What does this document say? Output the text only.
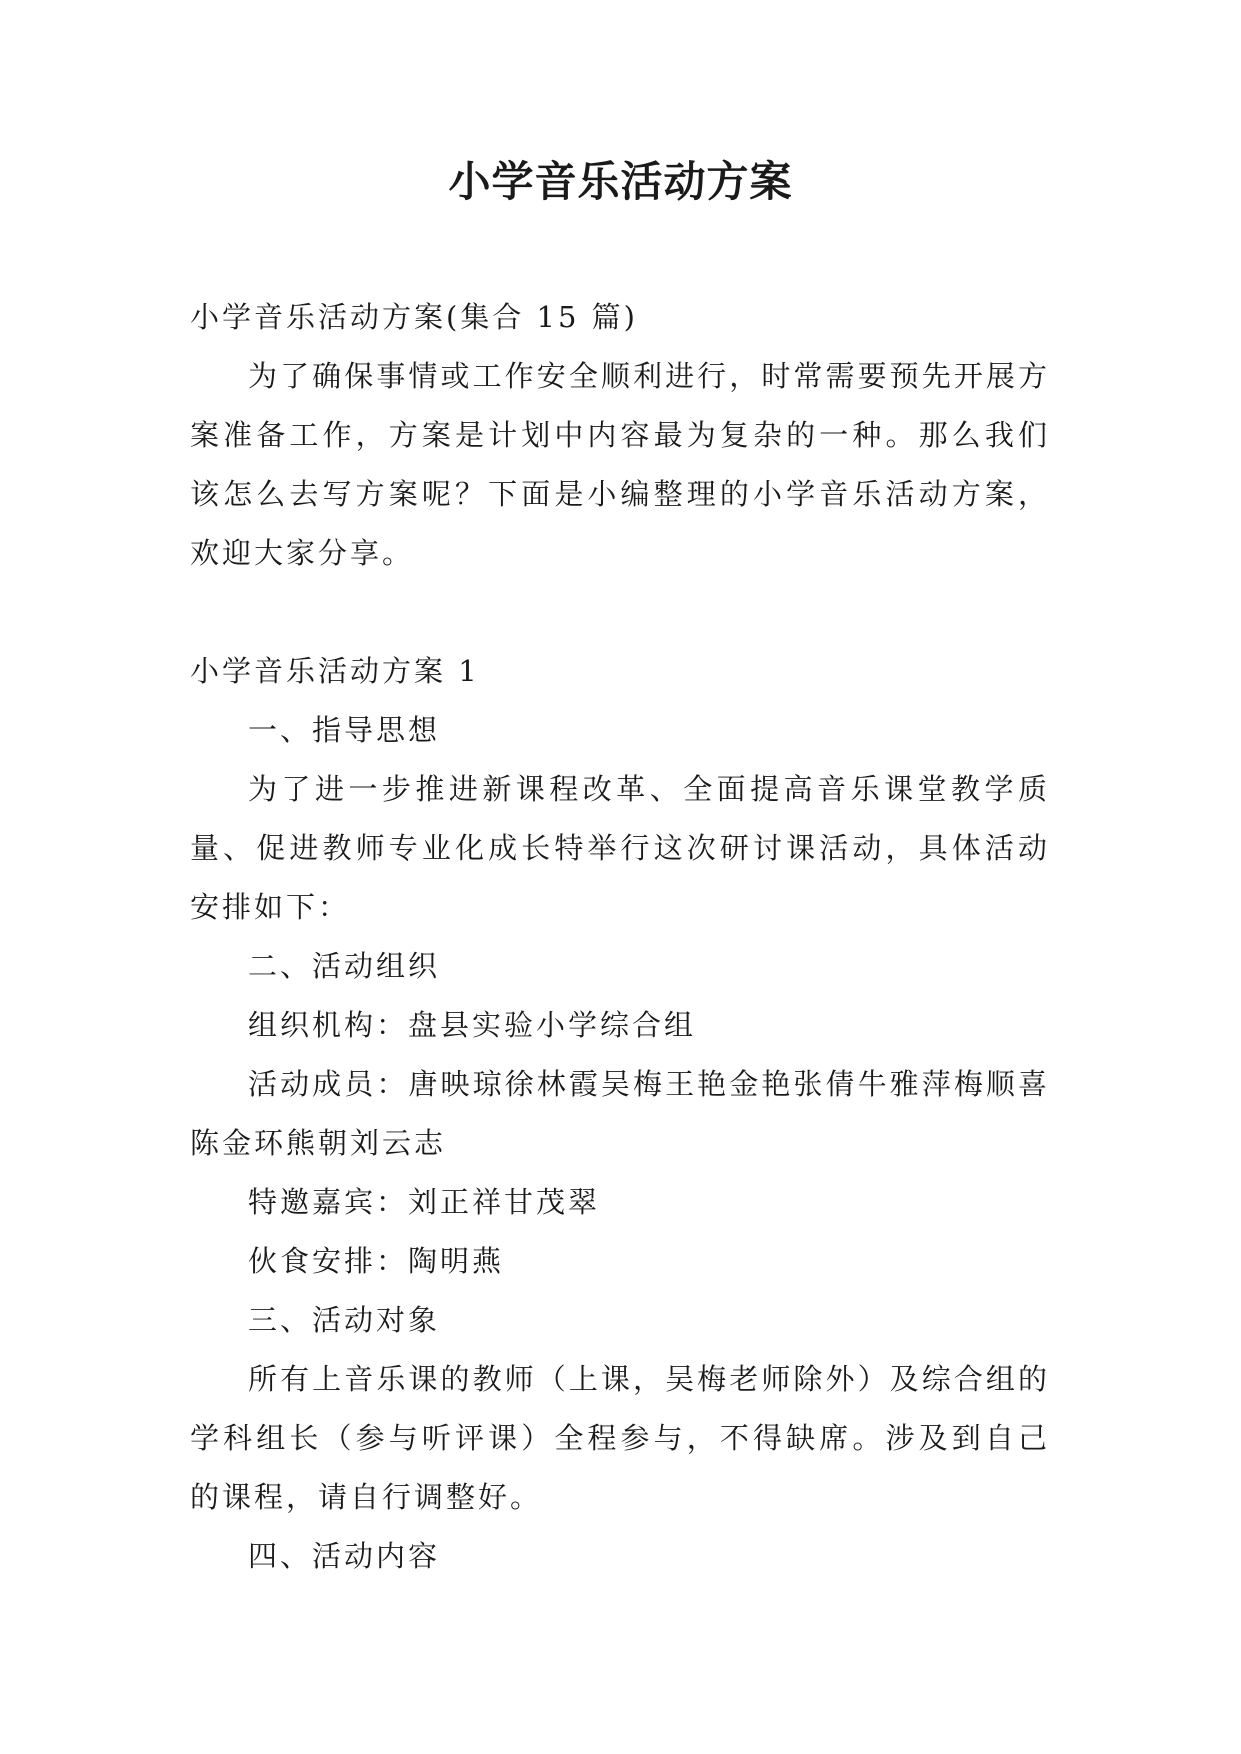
小学音乐活动方案

小学音乐活动方案(集合 15 篇)

为了确保事情或工作安全顺利进行，时常需要预先开展方案准备工作，方案是计划中内容最为复杂的一种。那么我们该怎么去写方案呢？下面是小编整理的小学音乐活动方案，欢迎大家分享。

小学音乐活动方案 1

一、指导思想

为了进一步推进新课程改革、全面提高音乐课堂教学质量、促进教师专业化成长特举行这次研讨课活动，具体活动安排如下：

二、活动组织

组织机构：盘县实验小学综合组

活动成员：唐映琼徐林霞吴梅王艳金艳张倩牛雅萍梅顺喜陈金环熊朝刘云志

特邀嘉宾：刘正祥甘茂翠

伙食安排：陶明燕

三、活动对象

所有上音乐课的教师（上课，吴梅老师除外）及综合组的学科组长（参与听评课）全程参与，不得缺席。涉及到自己的课程，请自行调整好。

四、活动内容
